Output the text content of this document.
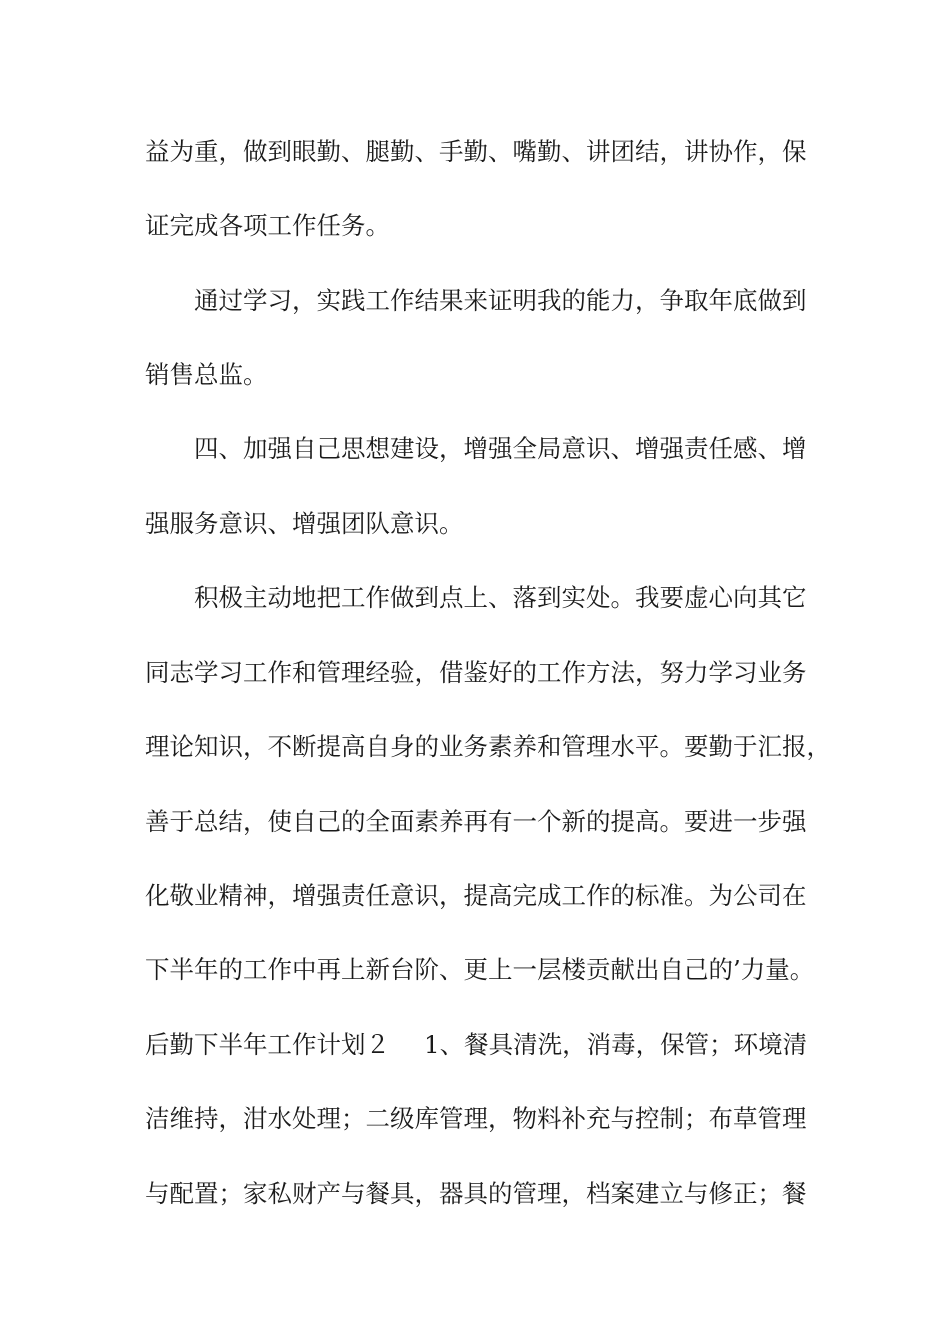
益为重，做到眼勤、腿勤、手勤、嘴勤、讲团结，讲协作，保
证完成各项工作任务。
通过学习，实践工作结果来证明我的能力，争取年底做到
销售总监。
四、加强自己思想建设，增强全局意识、增强责任感、增
强服务意识、增强团队意识。
积极主动地把工作做到点上、落到实处。我要虚心向其它
同志学习工作和管理经验，借鉴好的工作方法，努力学习业务
理论知识，不断提高自身的业务素养和管理水平。要勤于汇报，
善于总结，使自己的全面素养再有一个新的提高。要进一步强
化敬业精神，增强责任意识，提高完成工作的标准。为公司在
下半年的工作中再上新台阶、更上一层楼贡献出自己的’力量。
后勤下半年工作计划２ 1、餐具清洗，消毒，保管；环境清
洁维持，泔水处理；二级库管理，物料补充与控制；布草管理
与配置；家私财产与餐具，器具的管理，档案建立与修正；餐
